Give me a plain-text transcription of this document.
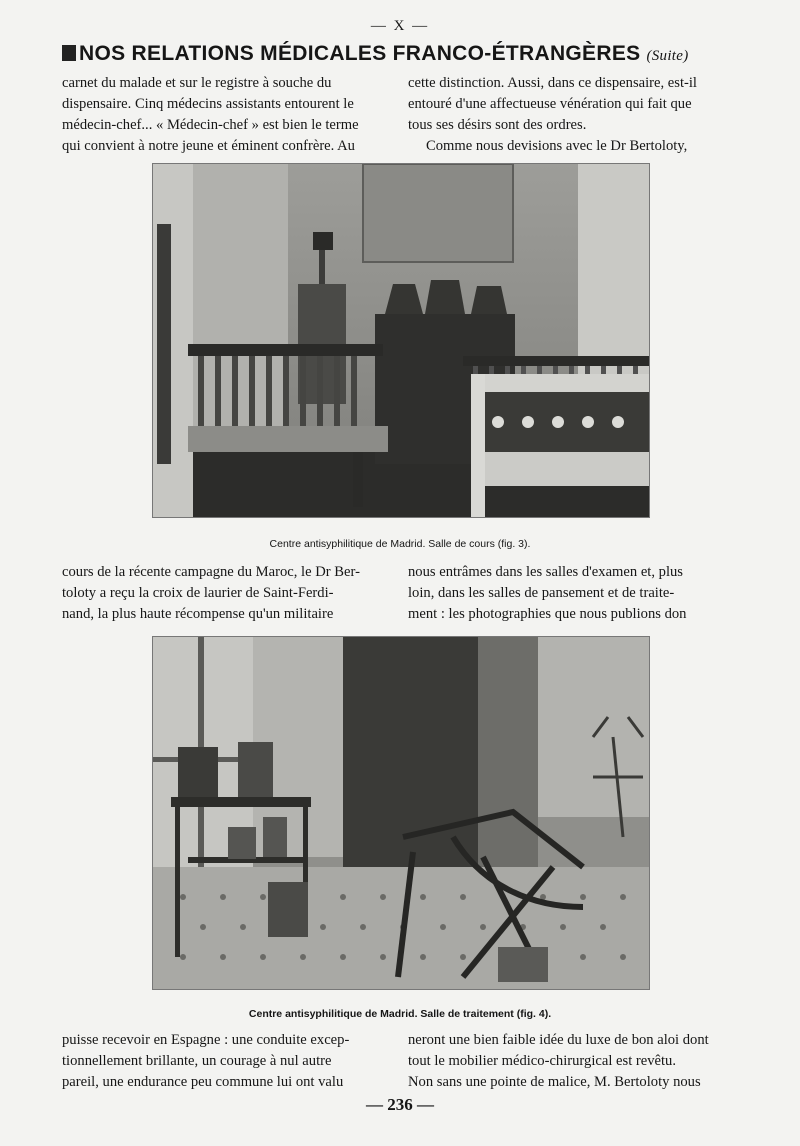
— X —
NOS RELATIONS MÉDICALES FRANCO-ÉTRANGÈRES (Suite)

carnet du malade et sur le registre à souche du

dispensaire. Cinq médecins assistants entourent le

médecin-chef... « Médecin-chef » est bien le terme

qui convient à notre jeune et éminent confrère. Au

cette distinction. Aussi, dans ce dispensaire, est-il

entouré d'une affectueuse vénération qui fait que

tous ses désirs sont des ordres.

Comme nous devisions avec le Dr Bertoloty,

Centre antisyphilitique de Madrid. Salle de cours (fig. 3).

cours de la récente campagne du Maroc, le Dr Ber-

toloty a reçu la croix de laurier de Saint-Ferdi-

nand, la plus haute récompense qu'un militaire

nous entrâmes dans les salles d'examen et, plus

loin, dans les salles de pansement et de traite-

ment : les photographies que nous publions don

Centre antisyphilitique de Madrid. Salle de traitement (fig. 4).

puisse recevoir en Espagne : une conduite excep-

tionnellement brillante, un courage à nul autre

pareil, une endurance peu commune lui ont valu

neront une bien faible idée du luxe de bon aloi dont

tout le mobilier médico-chirurgical est revêtu.

Non sans une pointe de malice, M. Bertoloty nous

— 236 —
